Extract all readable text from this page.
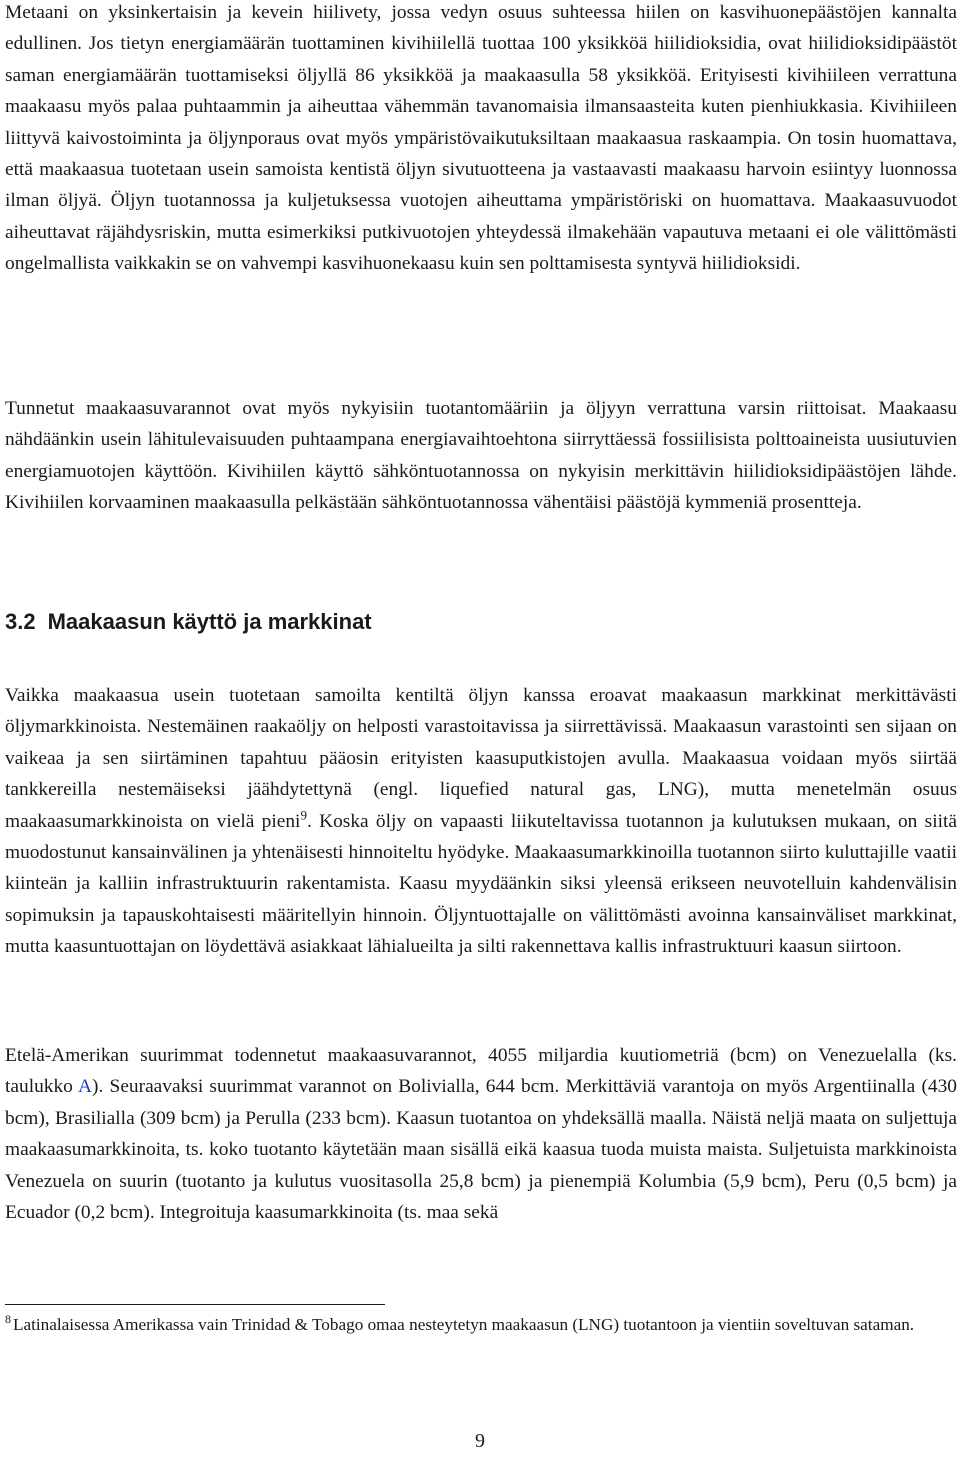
Metaani on yksinkertaisin ja kevein hiilivety, jossa vedyn osuus suhteessa hiilen on kasvihuonepäästöjen kannalta edullinen. Jos tietyn energiamäärän tuottaminen kivihiilellä tuottaa 100 yksikköä hiilidioksidia, ovat hiilidioksidipäästöt saman energiamäärän tuottamiseksi öljyllä 86 yksikköä ja maakaasulla 58 yksikköä. Erityisesti kivihiileen verrattuna maakaasu myös palaa puhtaammin ja aiheuttaa vähemmän tavanomaisia ilmansaasteita kuten pienhiukkasia. Kivihiileen liittyvä kaivostoiminta ja öljynporaus ovat myös ympäristövaikutuksiltaan maakaasua raskaampia. On tosin huomattava, että maakaasua tuotetaan usein samoista kentistä öljyn sivutuotteena ja vastaavasti maakaasu harvoin esiintyy luonnossa ilman öljyä. Öljyn tuotannossa ja kuljetuksessa vuotojen aiheuttama ympäristöriski on huomattava. Maakaasuvuodot aiheuttavat räjähdysriskin, mutta esimerkiksi putkivuotojen yhteydessä ilmakehään vapautuva metaani ei ole välittömästi ongelmallista vaikkakin se on vahvempi kasvihuonekaasu kuin sen polttamisesta syntyvä hiilidioksidi.

Tunnetut maakaasuvarannot ovat myös nykyisiin tuotantomääriin ja öljyyn verrattuna varsin riittoisat. Maakaasu nähdäänkin usein lähitulevaisuuden puhtaampana energiavaihtoehtona siirryttäessä fossiilisista polttoaineista uusiutuvien energiamuotojen käyttöön. Kivihiilen käyttö sähköntuotannossa on nykyisin merkittävin hiilidioksidipäästöjen lähde. Kivihiilen korvaaminen maakaasulla pelkästään sähköntuotannossa vähentäisi päästöjä kymmeniä prosentteja.

3.2 Maakaasun käyttö ja markkinat

Vaikka maakaasua usein tuotetaan samoilta kentiltä öljyn kanssa eroavat maakaasun markkinat merkittävästi öljymarkkinoista. Nestemäinen raakaöljy on helposti varastoitavissa ja siirrettävissä. Maakaasun varastointi sen sijaan on vaikeaa ja sen siirtäminen tapahtuu pääosin erityisten kaasuputkistojen avulla. Maakaasua voidaan myös siirtää tankkereilla nestemäiseksi jäähdytettynä (engl. liquefied natural gas, LNG), mutta menetelmän osuus maakaasumarkkinoista on vielä pieni$^9$. Koska öljy on vapaasti liikuteltavissa tuotannon ja kulutuksen mukaan, on siitä muodostunut kansainvälinen ja yhtenäisesti hinnoiteltu hyödyke. Maakaasumarkkinoilla tuotannon siirto kuluttajille vaatii kiinteän ja kalliin infrastruktuurin rakentamista. Kaasu myydäänkin siksi yleensä erikseen neuvotelluin kahdenvälisin sopimuksin ja tapauskohtaisesti määritellyin hinnoin. Öljyntuottajalle on välittömästi avoinna kansainväliset markkinat, mutta kaasuntuottajan on löydettävä asiakkaat lähialueilta ja silti rakennettava kallis infrastruktuuri kaasun siirtoon.

Etelä-Amerikan suurimmat todennetut maakaasuvarannot, 4055 miljardia kuutiometriä (bcm) on Venezuelalla (ks. taulukko A). Seuraavaksi suurimmat varannot on Bolivialla, 644 bcm. Merkittäviä varantoja on myös Argentiinalla (430 bcm), Brasilialla (309 bcm) ja Perulla (233 bcm). Kaasun tuotantoa on yhdeksällä maalla. Näistä neljä maata on suljettuja maakaasumarkkinoita, ts. koko tuotanto käytetään maan sisällä eikä kaasua tuoda muista maista. Suljetuista markkinoista Venezuela on suurin (tuotanto ja kulutus vuositasolla 25,8 bcm) ja pienempiä Kolumbia (5,9 bcm), Peru (0,5 bcm) ja Ecuador (0,2 bcm). Integroituja kaasumarkkinoita (ts. maa sekä

$^8$ Latinalaisessa Amerikassa vain Trinidad & Tobago omaa nesteytetyn maakaasun (LNG) tuotantoon ja vientiin soveltuvan sataman.

9
